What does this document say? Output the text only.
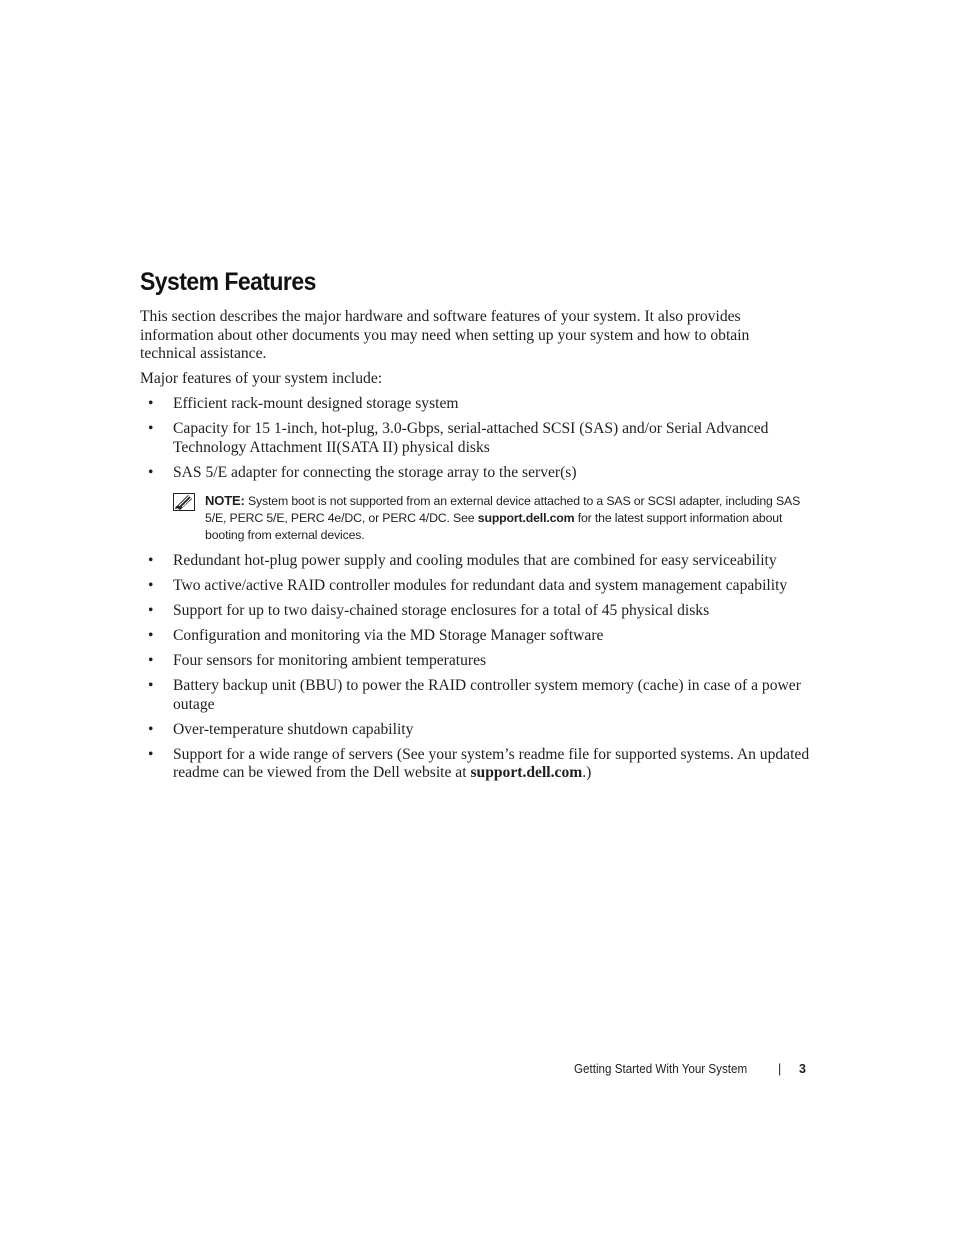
System Features

This section describes the major hardware and software features of your system. It also provides information about other documents you may need when setting up your system and how to obtain technical assistance.

Major features of your system include:

• Efficient rack-mount designed storage system
• Capacity for 15 1-inch, hot-plug, 3.0-Gbps, serial-attached SCSI (SAS) and/or Serial Advanced Technology Attachment II(SATA II) physical disks
• SAS 5/E adapter for connecting the storage array to the server(s)
NOTE: System boot is not supported from an external device attached to a SAS or SCSI adapter, including SAS 5/E, PERC 5/E, PERC 4e/DC, or PERC 4/DC. See support.dell.com for the latest support information about booting from external devices.
• Redundant hot-plug power supply and cooling modules that are combined for easy serviceability
• Two active/active RAID controller modules for redundant data and system management capability
• Support for up to two daisy-chained storage enclosures for a total of 45 physical disks
• Configuration and monitoring via the MD Storage Manager software
• Four sensors for monitoring ambient temperatures
• Battery backup unit (BBU) to power the RAID controller system memory (cache) in case of a power outage
• Over-temperature shutdown capability
• Support for a wide range of servers (See your system’s readme file for supported systems. An updated readme can be viewed from the Dell website at support.dell.com.)
Getting Started With Your System | 3
